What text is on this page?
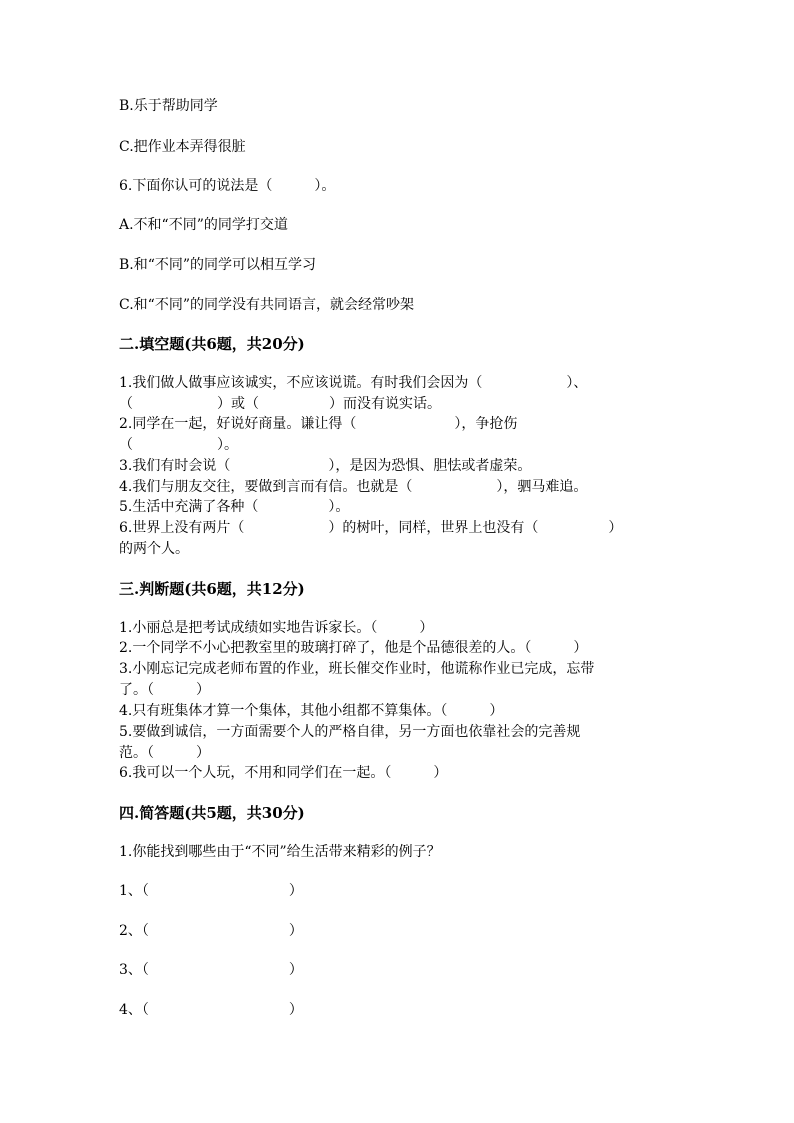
B.乐于帮助同学
C.把作业本弄得很脏
6.下面你认可的说法是（　　　）。
A.不和“不同”的同学打交道
B.和“不同”的同学可以相互学习
C.和“不同”的同学没有共同语言，就会经常吵架
二.填空题(共6题，共20分)
1.我们做人做事应该诚实，不应该说谎。有时我们会因为（　　　　　　）、
（　　　　　　）或（　　　　　）而没有说实话。
2.同学在一起，好说好商量。谦让得（　　　　　　　），争抢伤
（　　　　　　）。
3.我们有时会说（　　　　　　　），是因为恐惧、胆怯或者虚荣。
4.我们与朋友交往，要做到言而有信。也就是（　　　　　　），驷马难追。
5.生活中充满了各种（　　　　　）。
6.世界上没有两片（　　　　　　）的树叶，同样，世界上也没有（　　　　　）
的两个人。
三.判断题(共6题，共12分)
1.小丽总是把考试成绩如实地告诉家长。（　　　）
2.一个同学不小心把教室里的玻璃打碎了，他是个品德很差的人。（　　　）
3.小刚忘记完成老师布置的作业，班长催交作业时，他谎称作业已完成，忘带
了。（　　　）
4.只有班集体才算一个集体，其他小组都不算集体。（　　　）
5.要做到诚信，一方面需要个人的严格自律，另一方面也依靠社会的完善规
范。（　　　）
6.我可以一个人玩，不用和同学们在一起。（　　　）
四.简答题(共5题，共30分)
1.你能找到哪些由于“不同”给生活带来精彩的例子？
1、（　　　　　　　　　　）
2、（　　　　　　　　　　）
3、（　　　　　　　　　　）
4、（　　　　　　　　　　）
